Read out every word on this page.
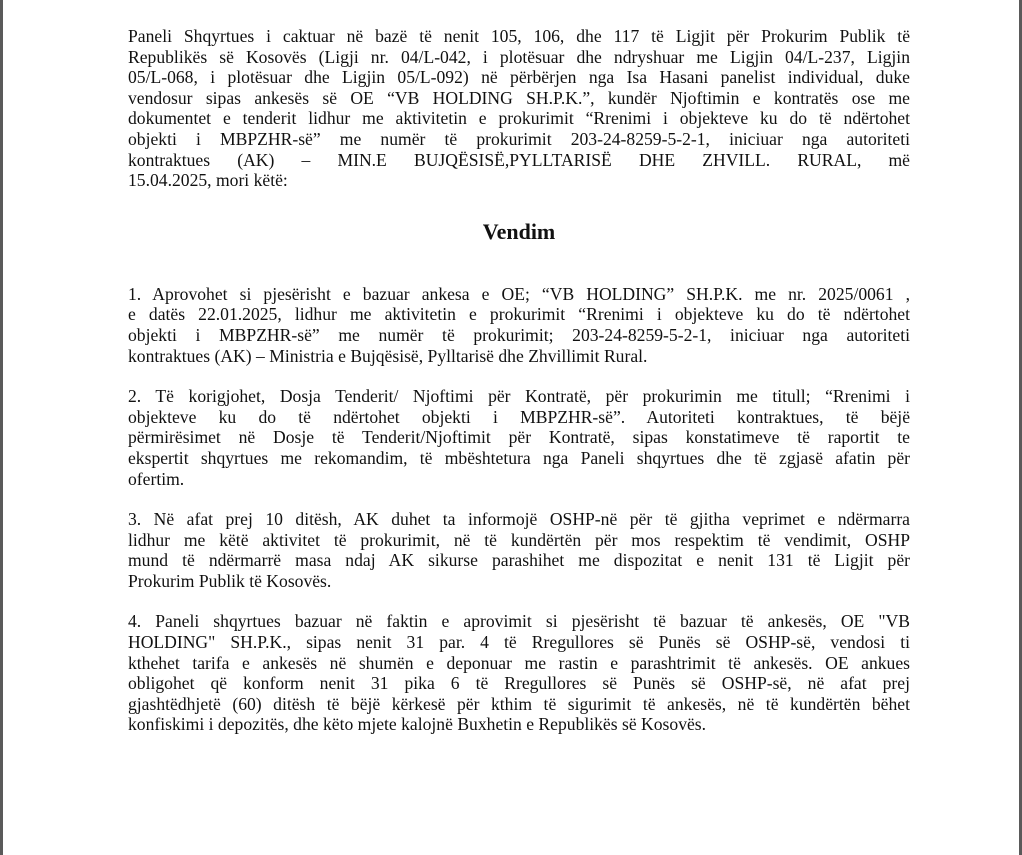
Paneli Shqyrtues i caktuar në bazë të nenit 105, 106, dhe 117 të Ligjit për Prokurim Publik të
Republikës së Kosovës (Ligji nr. 04/L-042, i plotësuar dhe ndryshuar me Ligjin 04/L-237, Ligjin
05/L-068, i plotësuar dhe Ligjin 05/L-092) në përbërjen nga Isa Hasani panelist individual, duke
vendosur sipas ankesës së OE “VB HOLDING SH.P.K.”, kundër Njoftimin e kontratës ose me
dokumentet e tenderit lidhur me aktivitetin e prokurimit “Rrenimi i objekteve ku do të ndërtohet
objekti i MBPZHR-së” me numër të prokurimit 203-24-8259-5-2-1, iniciuar nga autoriteti
kontraktues (AK) – MIN.E BUJQËSISË,PYLLTARISË DHE ZHVILL. RURAL, më
15.04.2025, mori këtë:
Vendim
1. Aprovohet si pjesërisht e bazuar ankesa e OE; “VB HOLDING” SH.P.K. me nr. 2025/0061 ,
e datës 22.01.2025, lidhur me aktivitetin e prokurimit “Rrenimi i objekteve ku do të ndërtohet
objekti i MBPZHR-së” me numër të prokurimit; 203-24-8259-5-2-1, iniciuar nga autoriteti
kontraktues (AK) – Ministria e Bujqësisë, Pylltarisë dhe Zhvillimit Rural.
2. Të korigjohet, Dosja Tenderit/ Njoftimi për Kontratë, për prokurimin me titull; “Rrenimi i
objekteve ku do të ndërtohet objekti i MBPZHR-së”. Autoriteti kontraktues, të bëjë
përmirësimet në Dosje të Tenderit/Njoftimit për Kontratë, sipas konstatimeve të raportit te
ekspertit shqyrtues me rekomandim, të mbështetura nga Paneli shqyrtues dhe të zgjasë afatin për
ofertim.
3. Në afat prej 10 ditësh, AK duhet ta informojë OSHP-në për të gjitha veprimet e ndërmarra
lidhur me këtë aktivitet të prokurimit, në të kundërtën për mos respektim të vendimit, OSHP
mund të ndërmarrë masa ndaj AK sikurse parashihet me dispozitat e nenit 131 të Ligjit për
Prokurim Publik të Kosovës.
4. Paneli shqyrtues bazuar në faktin e aprovimit si pjesërisht të bazuar të ankesës, OE "VB
HOLDING" SH.P.K., sipas nenit 31 par. 4 të Rregullores së Punës së OSHP-së, vendosi ti
kthehet tarifa e ankesës në shumën e deponuar me rastin e parashtrimit të ankesës. OE ankues
obligohet që konform nenit 31 pika 6 të Rregullores së Punës së OSHP-së, në afat prej
gjashtëdhjetë (60) ditësh të bëjë kërkesë për kthim të sigurimit të ankesës, në të kundërtën bëhet
konfiskimi i depozitës, dhe këto mjete kalojnë Buxhetin e Republikës së Kosovës.
